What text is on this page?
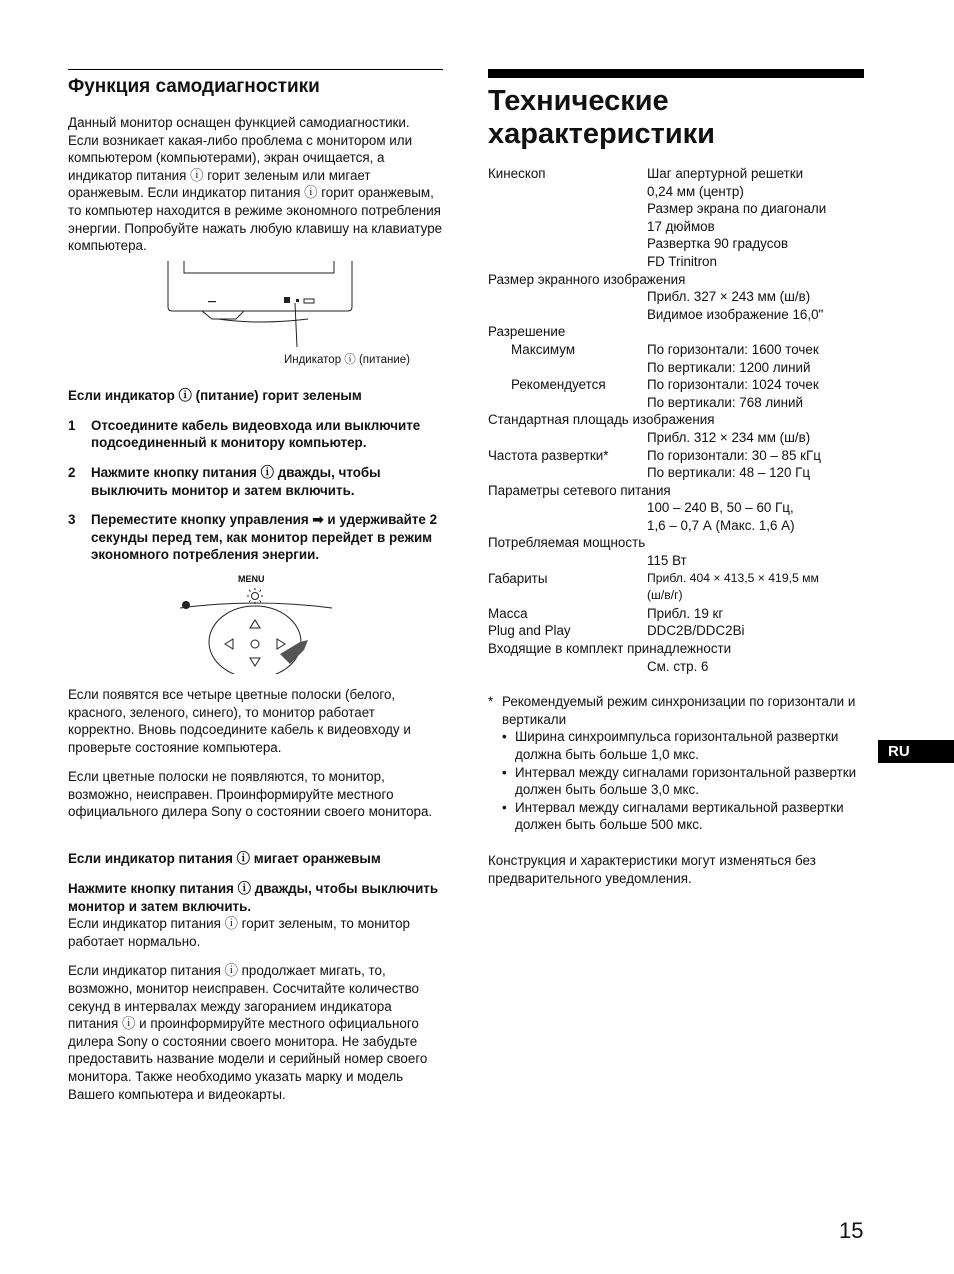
Функция самодиагностики

Данный монитор оснащен функцией самодиагностики. Если возникает какая-либо проблема с монитором или компьютером (компьютерами), экран очищается, а индикатор питания ⓘ горит зеленым или мигает оранжевым. Если индикатор питания ⓘ горит оранжевым, то компьютер находится в режиме экономного потребления энергии. Попробуйте нажать любую клавишу на клавиатуре компьютера.

Индикатор ⓘ (питание)
Если индикатор ⓘ (питание) горит зеленым
1 Отсоедините кабель видеовхода или выключите подсоединенный к монитору компьютер.
2 Нажмите кнопку питания ⓘ дважды, чтобы выключить монитор и затем включить.
3 Переместите кнопку управления ➡ и удерживайте 2 секунды перед тем, как монитор перейдет в режим экономного потребления энергии.
MENU

Если появятся все четыре цветные полоски (белого, красного, зеленого, синего), то монитор работает корректно. Вновь подсоедините кабель к видеовходу и проверьте состояние компьютера.

Если цветные полоски не появляются, то монитор, возможно, неисправен. Проинформируйте местного официального дилера Sony о состоянии своего монитора.

Если индикатор питания ⓘ мигает оранжевым

Нажмите кнопку питания ⓘ дважды, чтобы выключить монитор и затем включить.

Если индикатор питания ⓘ горит зеленым, то монитор работает нормально.

Если индикатор питания ⓘ продолжает мигать, то, возможно, монитор неисправен. Сосчитайте количество секунд в интервалах между загоранием индикатора питания ⓘ и проинформируйте местного официального дилера Sony о состоянии своего монитора. Не забудьте предоставить название модели и серийный номер своего монитора. Также необходимо указать марку и модель Вашего компьютера и видеокарты.

Технические
характеристики
Кинескоп	Шаг апертурной решетки
0,24 мм (центр)
Размер экрана по диагонали
17 дюймов
Развертка 90 градусов
FD Trinitron
Размер экранного изображения
Прибл. 327 × 243 мм (ш/в)
Видимое изображение 16,0"
Разрешение
Максимум	По горизонтали: 1600 точек
По вертикали: 1200 линий
Рекомендуется	По горизонтали: 1024 точек
По вертикали: 768 линий
Стандартная площадь изображения
Прибл. 312 × 234 мм (ш/в)
Частота развертки*	По горизонтали: 30 – 85 кГц
По вертикали: 48 – 120 Гц
Параметры сетевого питания
100 – 240 В, 50 – 60 Гц,
1,6 – 0,7 А (Макс. 1,6 А)
Потребляемая мощность
115 Вт
Габариты	Прибл. 404 × 413,5 × 419,5 мм
(ш/в/г)
Масса	Прибл. 19 кг
Plug and Play	DDC2B/DDC2Bi
Входящие в комплект принадлежности
См. стр. 6
* Рекомендуемый режим синхронизации по горизонтали и вертикали
• Ширина синхроимпульса горизонтальной развертки должна быть больше 1,0 мкс.
• Интервал между сигналами горизонтальной развертки должен быть больше 3,0 мкс.
• Интервал между сигналами вертикальной развертки должен быть больше 500 мкс.

Конструкция и характеристики могут изменяться без предварительного уведомления.

RU
15
